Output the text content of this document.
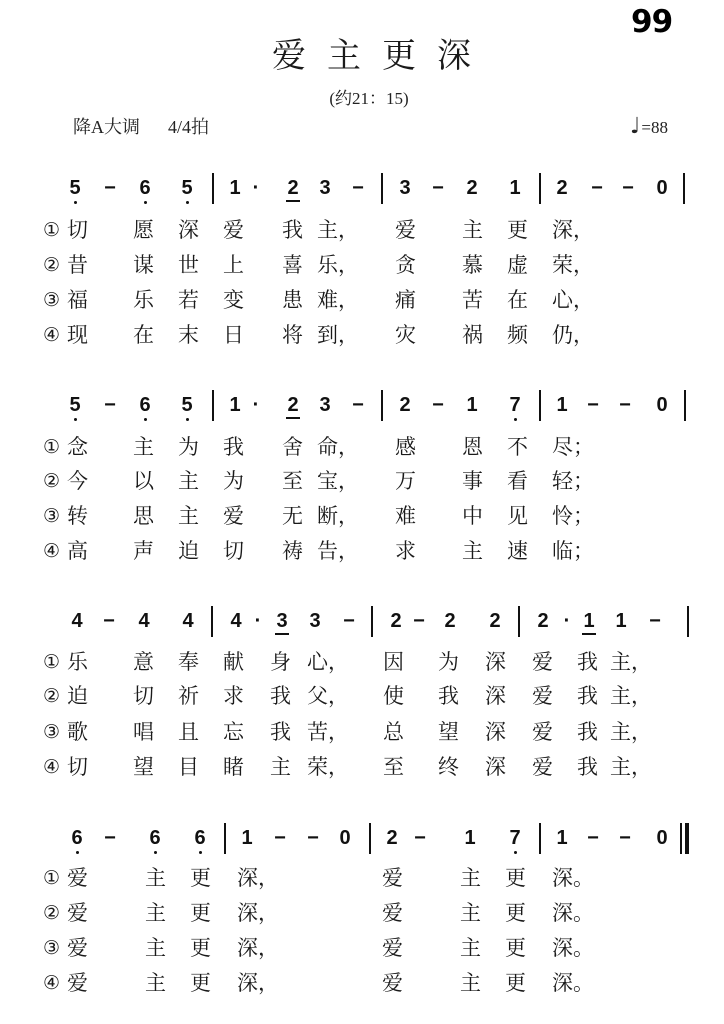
99
爱主更深
(约21：15)
降A大调 4/4拍	♩ =88
5 − 6 5 1 ·	2 3 − 3 − 2 1 2 − − 0
① 切 愿 深 爱 我 主， 爱 主 更 深，
② 昔 谋 世 上 喜 乐， 贪 慕 虚 荣，
③ 福 乐 若 变 患 难， 痛 苦 在 心，
④ 现 在 末 日 将 到， 灾 祸 频 仍，
5 − 6 5 1 ·	2 3 − 2 − 1 7 1 − − 0
① 念 主 为 我 舍 命， 感 恩 不 尽；
② 今 以 主 为 至 宝， 万 事 看 轻；
③ 转 思 主 爱 无 断， 难 中 见 怜；
④ 高 声 迫 切 祷 告， 求 主 速 临；
4 − 4 4 4 · 3 3 − 2 − 2 2 2 · 1 1 −
① 乐 意 奉 献 身 心， 因 为 深 爱 我 主，
② 迫 切 祈 求 我 父， 使 我 深 爱 我 主，
③ 歌 唱 且 忘 我 苦， 总 望 深 爱 我 主，
④ 切 望 目 睹 主 荣， 至 终 深 爱 我 主，
6 − 6 6 1 − − 0 2 − 1 7 1 − − 0
① 爱	主 更 深，	爱	主 更 深。
② 爱	主 更 深，	爱	主 更 深。
③ 爱	主 更 深，	爱	主 更 深。
④ 爱	主 更 深，	爱	主 更 深。
